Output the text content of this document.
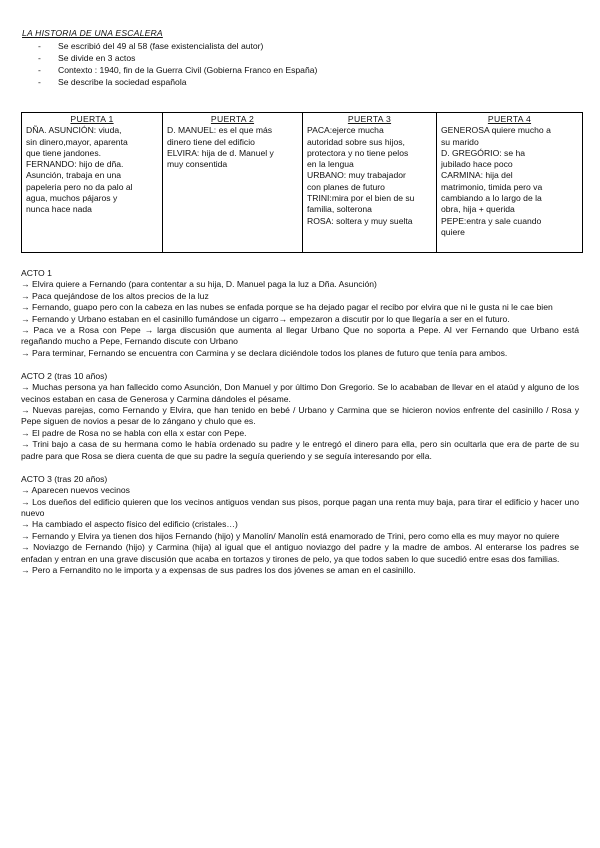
LA HISTORIA DE UNA ESCALERA
- Se escribió del 49 al 58 (fase existencialista del autor)
- Se divide en 3 actos
- Contexto : 1940, fin de la Guerra Civil (Gobierna Franco en España)
- Se describe la sociedad española
PUERTA 1
DÑA. ASUNCIÓN: viuda,
sin dinero,mayor, aparenta
que tiene jandones.
FERNANDO: hijo de dña.
Asunción, trabaja en una
papeleria pero no da palo al
agua, muchos pájaros y
nunca hace nada

PUERTA 2
D. MANUEL: es el que más
dinero tiene del edificio
ELVIRA: hija de d. Manuel y
muy consentida

PUERTA 3
PACA:ejerce mucha
autoridad sobre sus hijos,
protectora y no tiene pelos
en la lengua
URBANO: muy trabajador
con planes de futuro
TRINI:mira por el bien de su
familia, solterona
ROSA: soltera y muy suelta

PUERTA 4
GENEROSA quiere mucho a
su marido
D. GREGÓRIO: se ha
jubilado hace poco
CARMINA: hija del
matrimonio, timida pero va
cambiando a lo largo de la
obra, hija + querida
PEPE:entra y sale cuando
quiere

ACTO 1

→ Elvira quiere a Fernando (para contentar a su hija, D. Manuel paga la luz a Dña. Asunción)

→ Paca quejándose de los altos precios de la luz

→ Fernando, guapo pero con la cabeza en las nubes se enfada porque se ha dejado pagar el recibo por elvira que ni le gusta ni le cae bien

→ Fernando y Urbano estaban en el casinillo fumándose un cigarro→ empezaron a discutir por lo que llegaría a ser en el futuro.

→ Paca ve a Rosa con Pepe → larga discusión que aumenta al llegar Urbano Que no soporta a Pepe. Al ver Fernando que Urbano está regañando mucho a Pepe, Fernando discute con Urbano

→ Para terminar, Fernando se encuentra con Carmina y se declara diciéndole todos los planes de futuro que tenía para ambos.

ACTO 2 (tras 10 años)

→ Muchas persona ya han fallecido como Asunción, Don Manuel y por último Don Gregorio. Se lo acababan de llevar en el ataúd y alguno de los vecinos estaban en casa de Generosa y Carmina dándoles el pésame.

→ Nuevas parejas, como Fernando y Elvira, que han tenido en bebé / Urbano y Carmina que se hicieron novios enfrente del casinillo / Rosa y Pepe siguen de novios a pesar de lo zángano y chulo que es.

→ El padre de Rosa no se habla con ella x estar con Pepe.

→ Trini bajo a casa de su hermana como le había ordenado su padre y le entregó el dinero para ella, pero sin ocultarla que era de parte de su padre para que Rosa se diera cuenta de que su padre la seguía queriendo y se seguía interesando por ella.

ACTO 3 (tras 20 años)

→ Aparecen nuevos vecinos

→ Los dueños del edificio quieren que los vecinos antiguos vendan sus pisos, porque pagan una renta muy baja, para tirar el edificio y hacer uno nuevo

→ Ha cambiado el aspecto físico del edificio (cristales…)

→ Fernando y Elvira ya tienen dos hijos Fernando (hijo) y Manolín/ Manolín está enamorado de Trini, pero como ella es muy mayor no quiere

→ Noviazgo de Fernando (hijo) y Carmina (hija) al igual que el antiguo noviazgo del padre y la madre de ambos. Al enterarse los padres se enfadan y entran en una grave discusión que acaba en tortazos y tirones de pelo, ya que todos saben lo que sucedió entre esas dos familias.

→ Pero a Fernandito no le importa y a expensas de sus padres los dos jóvenes se aman en el casinillo.
